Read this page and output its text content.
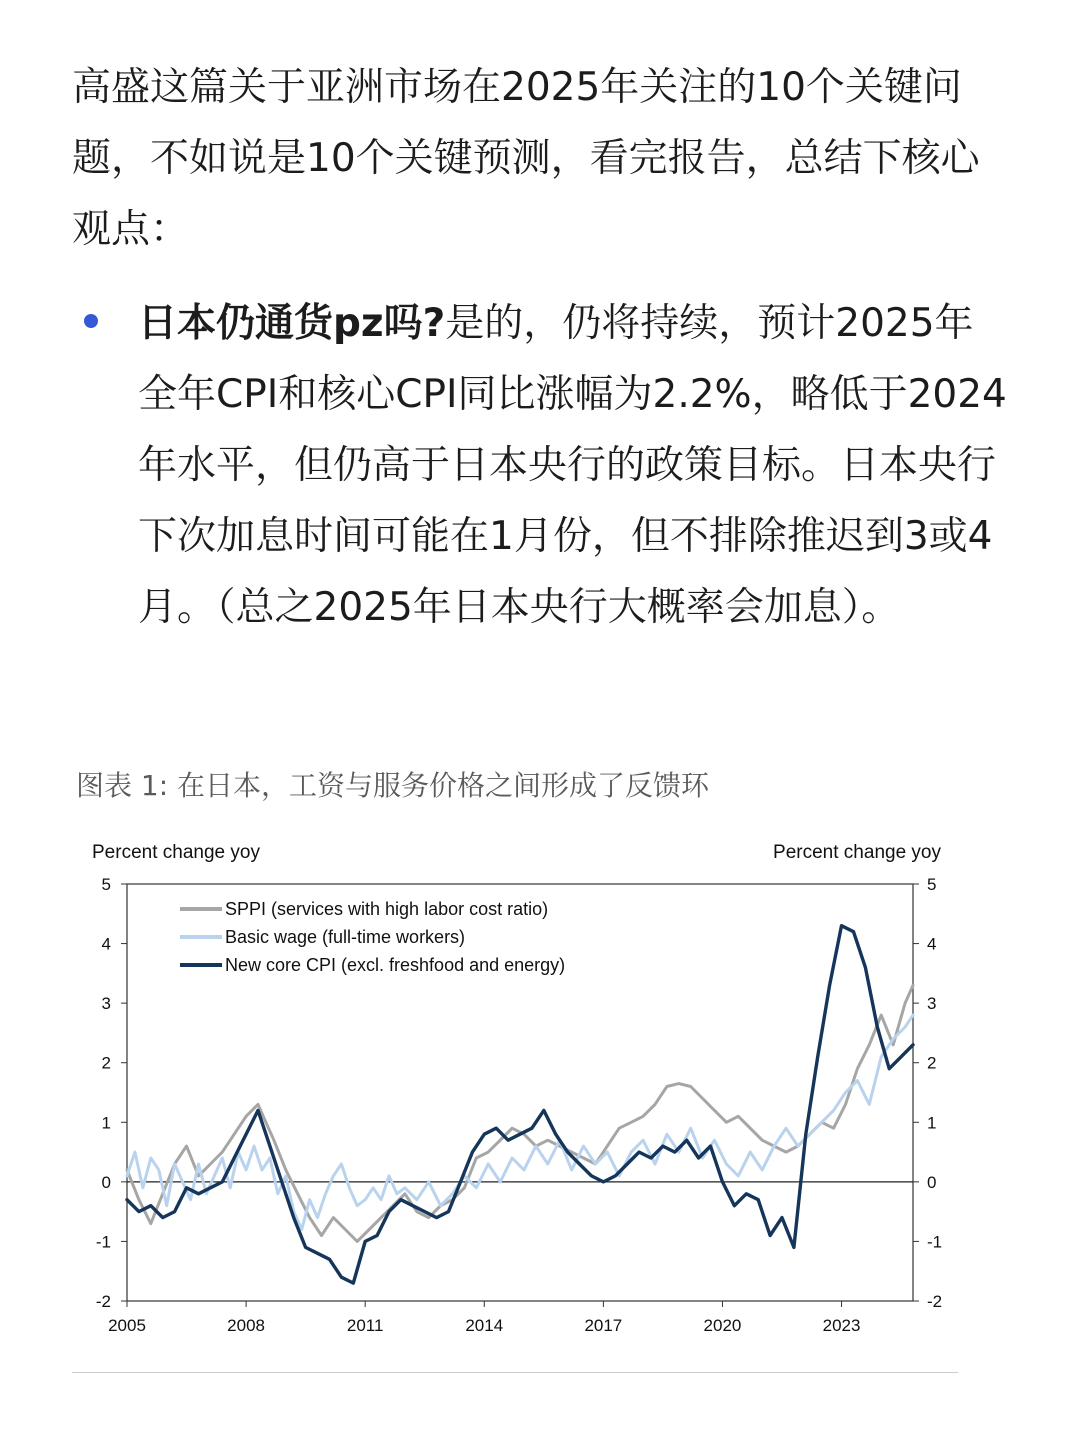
高盛这篇关于亚洲市场在2025年关注的10个关键问题，不如说是10个关键预测，看完报告，总结下核心观点：

日本仍通货pz吗?是的，仍将持续，预计2025年全年CPI和核心CPI同比涨幅为2.2%，略低于2024年水平，但仍高于日本央行的政策目标。日本央行下次加息时间可能在1月份，但不排除推迟到3或4月。（总之2025年日本央行大概率会加息）。

图表 1: 在日本，工资与服务价格之间形成了反馈环

-2	-2
-1	-1
0	0
1	1
2	2
3	3
4	4
5	5
2005	2008	2011	2014	2017	2020	2023
Percent change yoy	Percent change yoy
SPPI (services with high labor cost ratio)
Basic wage (full-time workers)
New core CPI (excl. freshfood and energy)
